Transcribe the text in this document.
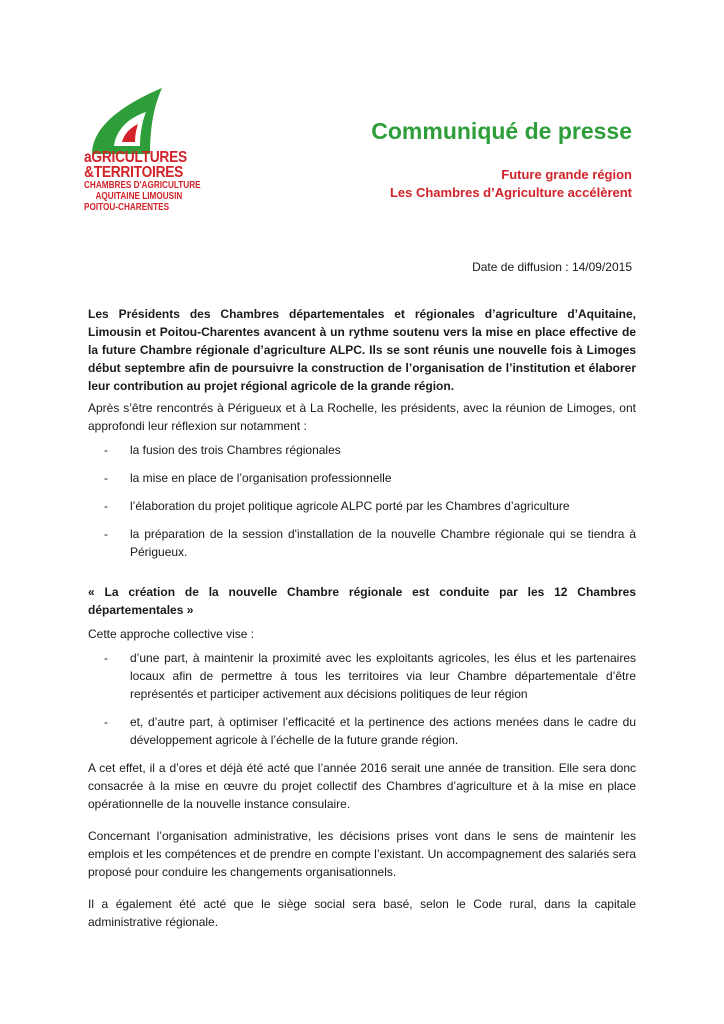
aGRICULTURES
&TERRITOIRES
CHAMBRES D'AGRICULTURE
AQUITAINE LIMOUSIN
POITOU-CHARENTES
Communiqué de presse
Future grande région
Les Chambres d’Agriculture accélèrent
Date de diffusion : 14/09/2015

Les Présidents des Chambres départementales et régionales d’agriculture d’Aquitaine, Limousin et Poitou-Charentes avancent à un rythme soutenu vers la mise en place effective de la future Chambre régionale d’agriculture ALPC. Ils se sont réunis une nouvelle fois à Limoges début septembre afin de poursuivre la construction de l’organisation de l’institution et élaborer leur contribution au projet régional agricole de la grande région.

Après s’être rencontrés à Périgueux et à La Rochelle, les présidents, avec la réunion de Limoges, ont approfondi leur réflexion sur notamment :

- la fusion des trois Chambres régionales
- la mise en place de l’organisation professionnelle
- l’élaboration du projet politique agricole ALPC porté par les Chambres d’agriculture
- la préparation de la session d'installation de la nouvelle Chambre régionale qui se tiendra à Périgueux.

« La création de la nouvelle Chambre régionale est conduite par les 12 Chambres départementales »

Cette approche collective vise :

- d’une part, à maintenir la proximité avec les exploitants agricoles, les élus et les partenaires locaux afin de permettre à tous les territoires via leur Chambre départementale d’être représentés et participer activement aux décisions politiques de leur région
- et, d’autre part, à optimiser l’efficacité et la pertinence des actions menées dans le cadre du développement agricole à l’échelle de la future grande région.

A cet effet, il a d’ores et déjà été acté que l’année 2016 serait une année de transition. Elle sera donc consacrée à la mise en œuvre du projet collectif des Chambres d’agriculture et à la mise en place opérationnelle de la nouvelle instance consulaire.

Concernant l’organisation administrative, les décisions prises vont dans le sens de maintenir les emplois et les compétences et de prendre en compte l’existant. Un accompagnement des salariés sera proposé pour conduire les changements organisationnels.

Il a également été acté que le siège social sera basé, selon le Code rural, dans la capitale administrative régionale.
